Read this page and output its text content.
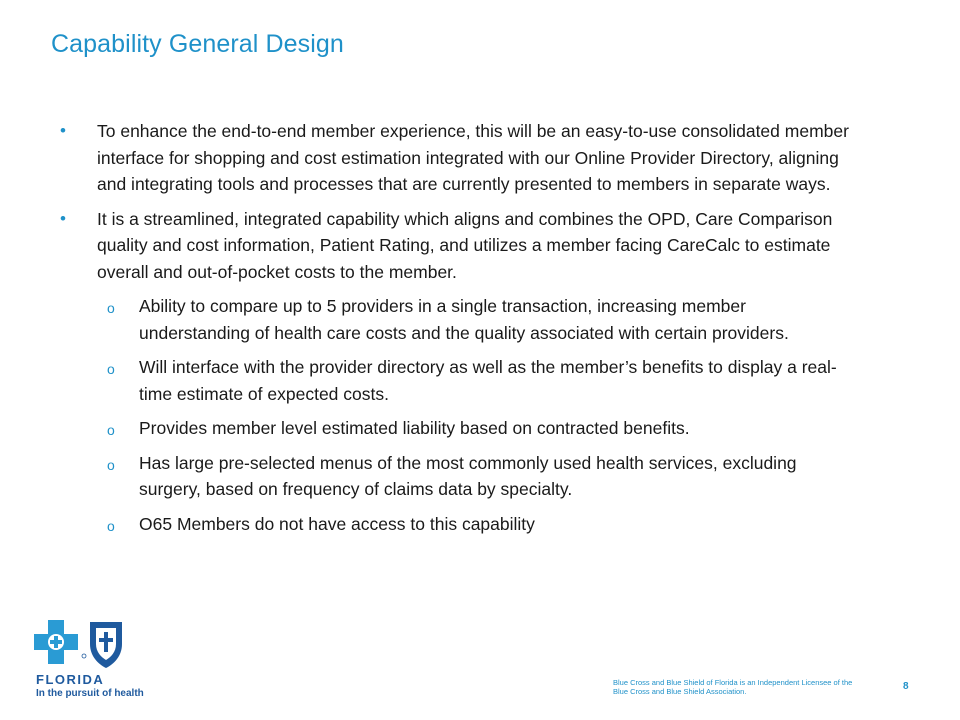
Capability General Design
• To enhance the end-to-end member experience, this will be an easy-to-use consolidated member interface for shopping and cost estimation integrated with our Online Provider Directory, aligning and integrating tools and processes that are currently presented to members in separate ways.
• It is a streamlined, integrated capability which aligns and combines the OPD, Care Comparison quality and cost information, Patient Rating, and utilizes a member facing CareCalc to estimate overall and out-of-pocket costs to the member.
o Ability to compare up to 5 providers in a single transaction, increasing member understanding of health care costs and the quality associated with certain providers.
o Will interface with the provider directory as well as the member’s benefits to display a real-time estimate of expected costs.
o Provides member level estimated liability based on contracted benefits.
o Has large pre-selected menus of the most commonly used health services, excluding surgery, based on frequency of claims data by specialty.
o O65 Members do not have access to this capability
FLORIDA
In the pursuit of health
Blue Cross and Blue Shield of Florida is an Independent Licensee of the Blue Cross and Blue Shield Association.	8
